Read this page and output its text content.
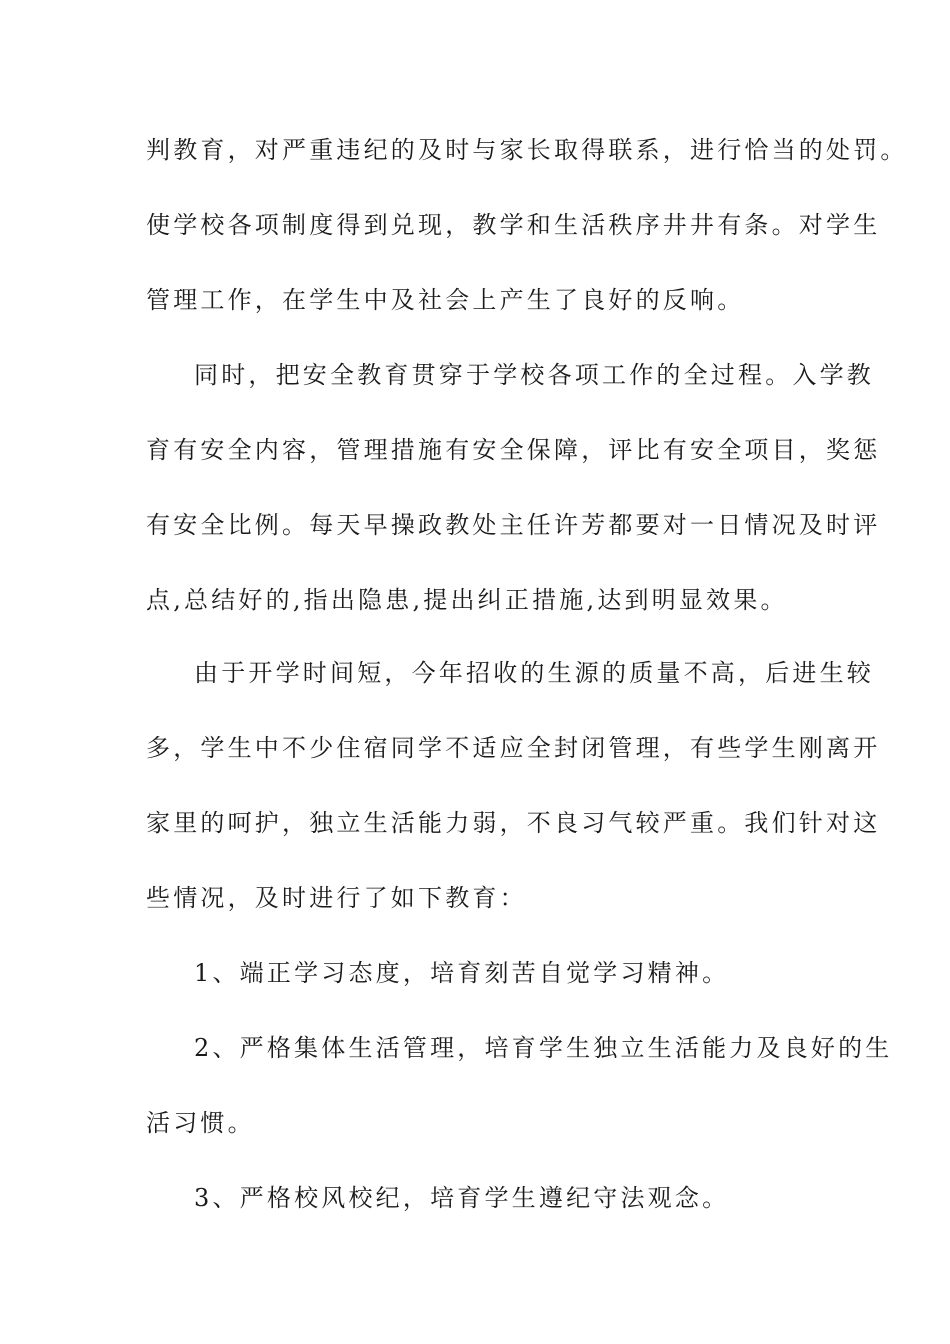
判教育，对严重违纪的及时与家长取得联系，进行恰当的处罚。
使学校各项制度得到兑现，教学和生活秩序井井有条。对学生
管理工作，在学生中及社会上产生了良好的反响。
同时，把安全教育贯穿于学校各项工作的全过程。入学教
育有安全内容，管理措施有安全保障，评比有安全项目，奖惩
有安全比例。每天早操政教处主任许芳都要对一日情况及时评
点,总结好的,指出隐患,提出纠正措施,达到明显效果。
由于开学时间短，今年招收的生源的质量不高，后进生较
多，学生中不少住宿同学不适应全封闭管理，有些学生刚离开
家里的呵护，独立生活能力弱，不良习气较严重。我们针对这
些情况，及时进行了如下教育：
1、端正学习态度，培育刻苦自觉学习精神。
2、严格集体生活管理，培育学生独立生活能力及良好的生
活习惯。
3、严格校风校纪，培育学生遵纪守法观念。
